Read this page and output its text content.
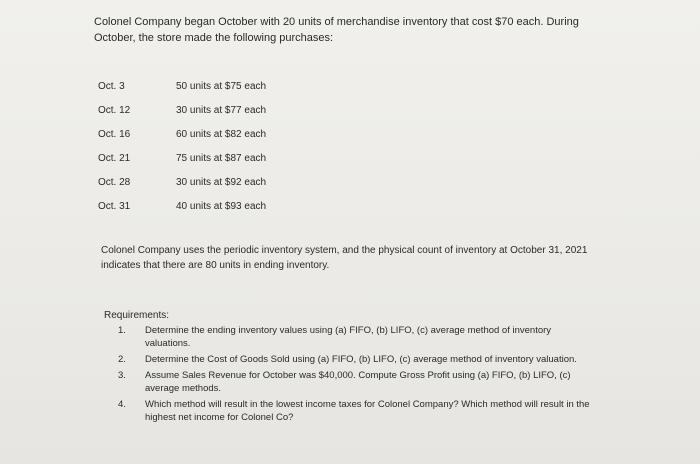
Colonel Company began October with 20 units of merchandise inventory that cost $70 each. During October, the store made the following purchases:
Oct. 3	50 units at $75 each
Oct. 12	30 units at $77 each
Oct. 16	60 units at $82 each
Oct. 21	75 units at $87 each
Oct. 28	30 units at $92 each
Oct. 31	40 units at $93 each
Colonel Company uses the periodic inventory system, and the physical count of inventory at October 31, 2021 indicates that there are 80 units in ending inventory.
Requirements:
1.	Determine the ending inventory values using (a) FIFO, (b) LIFO, (c) average method of inventory valuations.
2.	Determine the Cost of Goods Sold using (a) FIFO, (b) LIFO, (c) average method of inventory valuation.
3.	Assume Sales Revenue for October was $40,000. Compute Gross Profit using (a) FIFO, (b) LIFO, (c) average methods.
4.	Which method will result in the lowest income taxes for Colonel Company? Which method will result in the highest net income for Colonel Co?
